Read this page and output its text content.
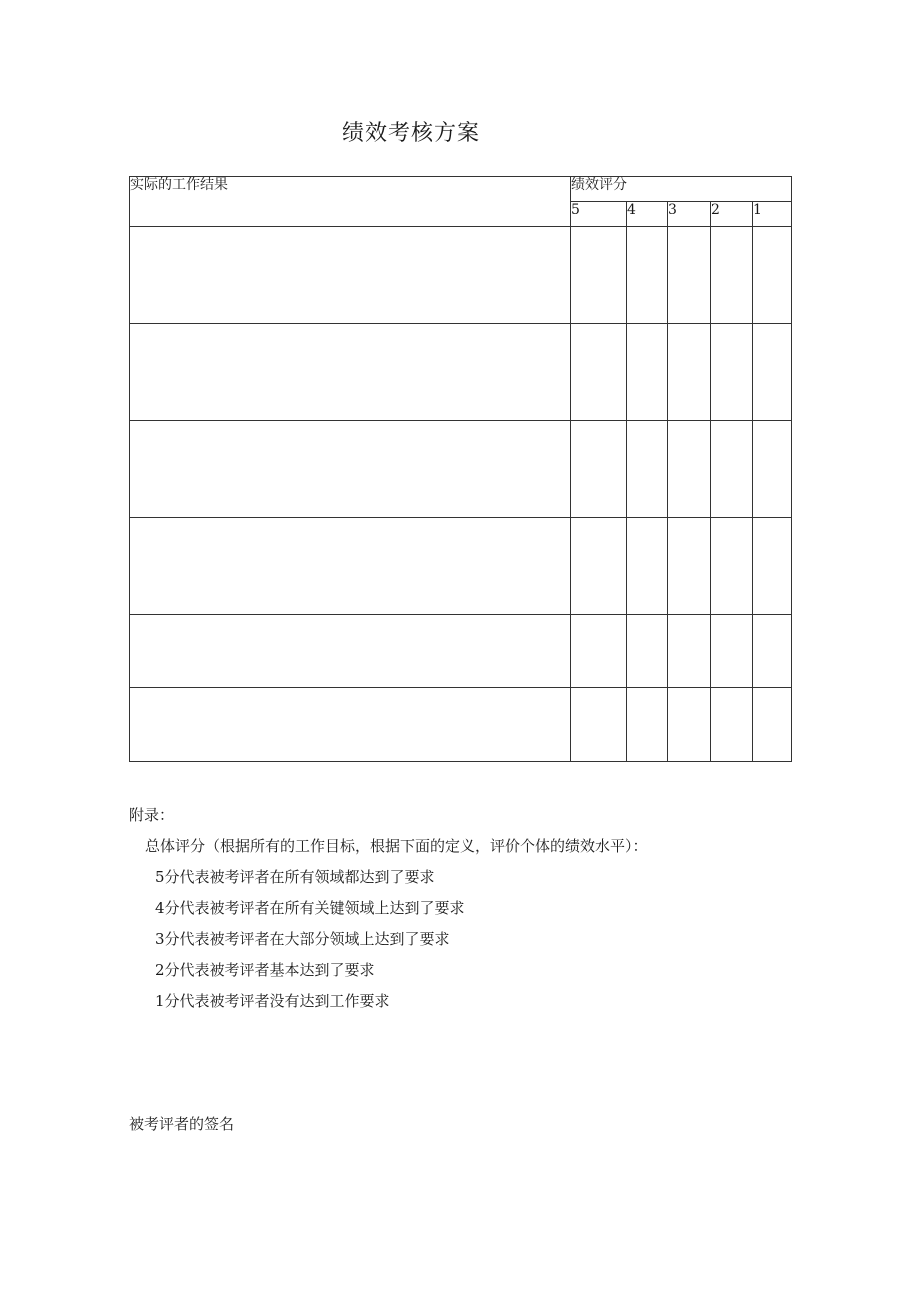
绩效考核方案
实际的工作结果	绩效评分				
	5	4	3	2	1

附录：
总体评分（根据所有的工作目标，根据下面的定义，评价个体的绩效水平）：
5分代表被考评者在所有领域都达到了要求
4分代表被考评者在所有关键领域上达到了要求
3分代表被考评者在大部分领域上达到了要求
2分代表被考评者基本达到了要求
1分代表被考评者没有达到工作要求
被考评者的签名
